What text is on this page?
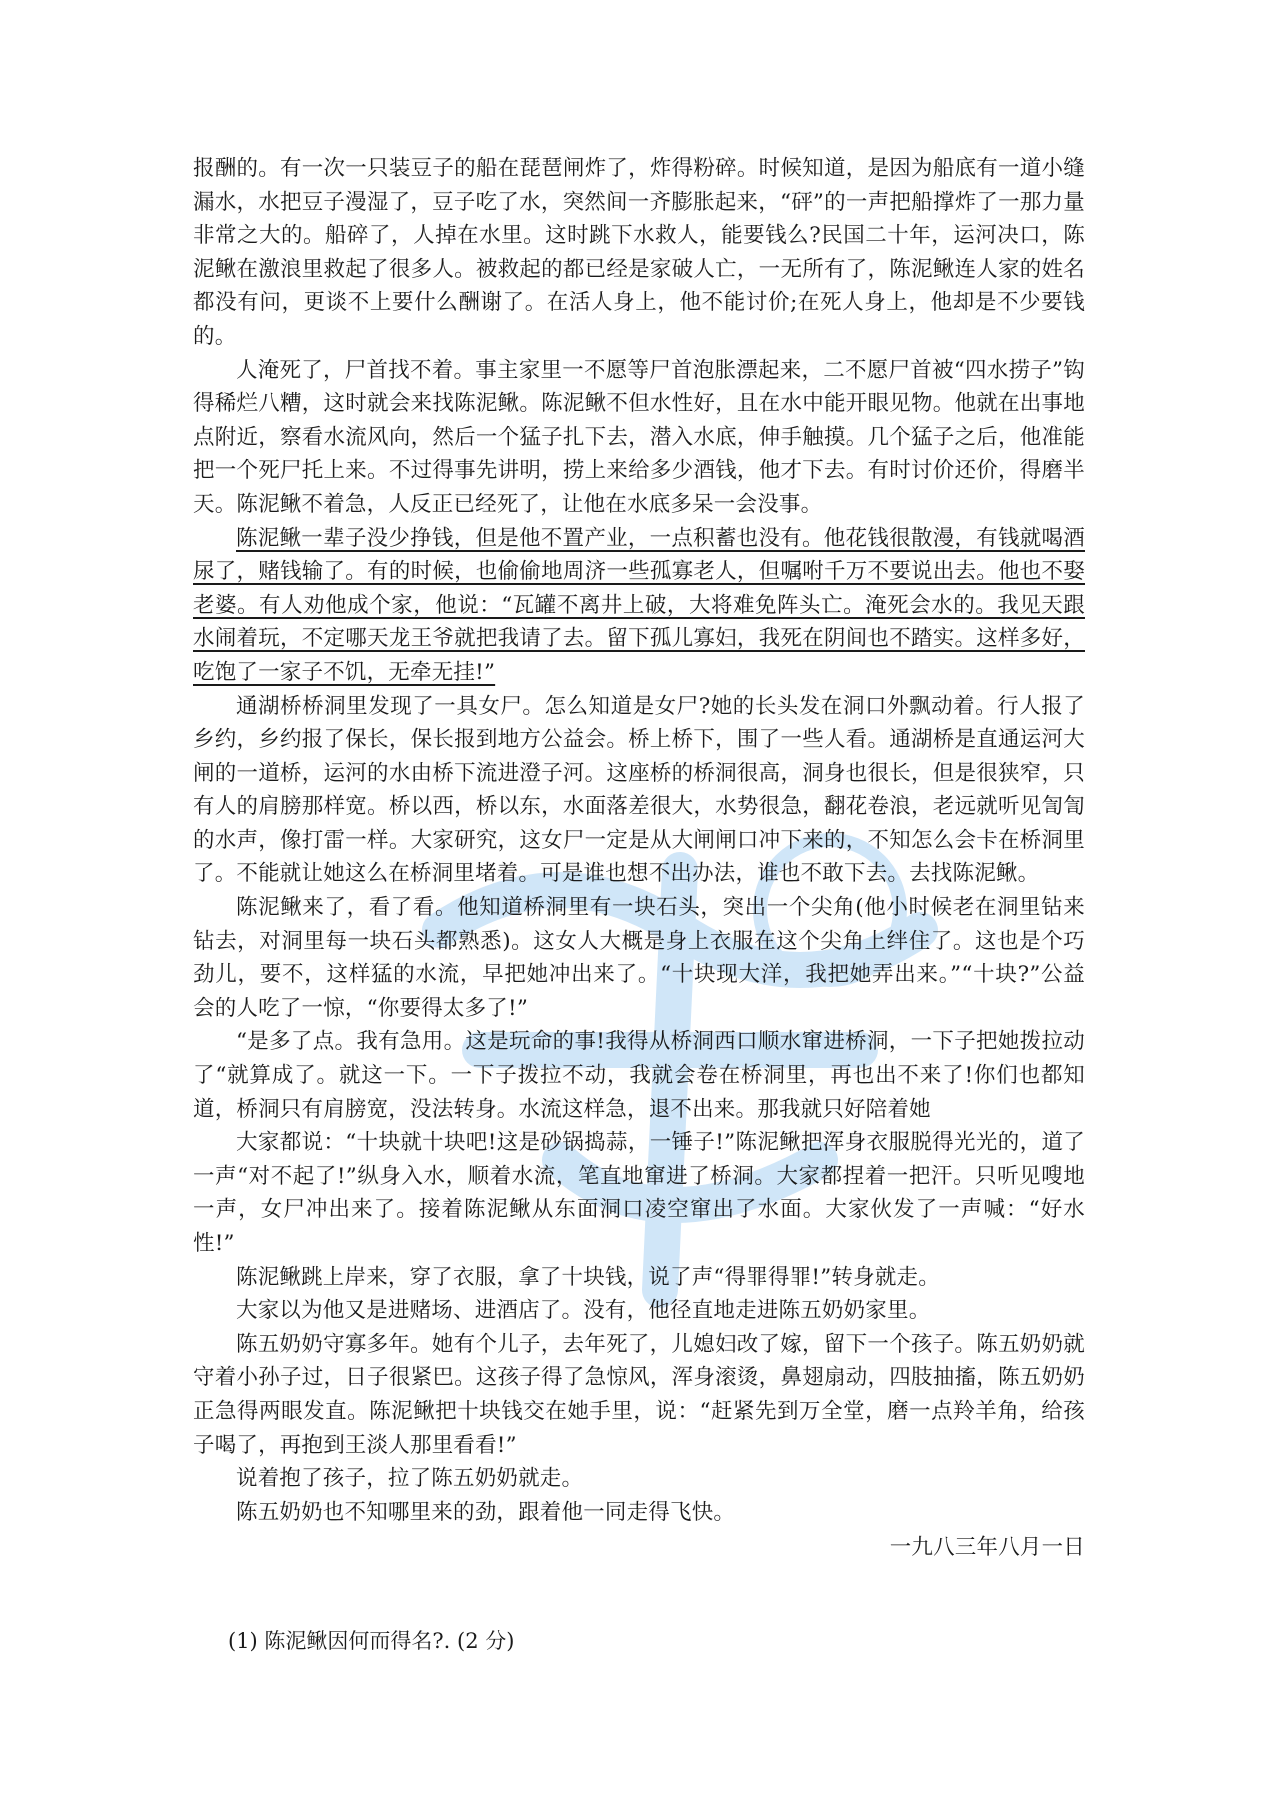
报酬的。有一次一只装豆子的船在琵琶闸炸了，炸得粉碎。时候知道，是因为船底有一道小缝漏水，水把豆子漫湿了，豆子吃了水，突然间一齐膨胀起来，“砰”的一声把船撑炸了一那力量非常之大的。船碎了，人掉在水里。这时跳下水救人，能要钱么?民国二十年，运河决口，陈泥鳅在激浪里救起了很多人。被救起的都已经是家破人亡，一无所有了，陈泥鳅连人家的姓名都没有问，更谈不上要什么酬谢了。在活人身上，他不能讨价;在死人身上，他却是不少要钱的。

人淹死了，尸首找不着。事主家里一不愿等尸首泡胀漂起来，二不愿尸首被“四水捞子”钩得稀烂八糟，这时就会来找陈泥鳅。陈泥鳅不但水性好，且在水中能开眼见物。他就在出事地点附近，察看水流风向，然后一个猛子扎下去，潜入水底，伸手触摸。几个猛子之后，他准能把一个死尸托上来。不过得事先讲明，捞上来给多少酒钱，他才下去。有时讨价还价，得磨半天。陈泥鳅不着急，人反正已经死了，让他在水底多呆一会没事。

陈泥鳅一辈子没少挣钱，但是他不置产业，一点积蓄也没有。他花钱很散漫，有钱就喝酒尿了，赌钱输了。有的时候，也偷偷地周济一些孤寡老人，但嘱咐千万不要说出去。他也不娶老婆。有人劝他成个家，他说：“瓦罐不离井上破，大将难免阵头亡。淹死会水的。我见天跟水闹着玩，不定哪天龙王爷就把我请了去。留下孤儿寡妇，我死在阴间也不踏实。这样多好，吃饱了一家子不饥，无牵无挂!”

通湖桥桥洞里发现了一具女尸。怎么知道是女尸?她的长头发在洞口外飘动着。行人报了乡约，乡约报了保长，保长报到地方公益会。桥上桥下，围了一些人看。通湖桥是直通运河大闸的一道桥，运河的水由桥下流进澄子河。这座桥的桥洞很高，洞身也很长，但是很狭窄，只有人的肩膀那样宽。桥以西，桥以东，水面落差很大，水势很急，翻花卷浪，老远就听见訇訇的水声，像打雷一样。大家研究，这女尸一定是从大闸闸口冲下来的，不知怎么会卡在桥洞里了。不能就让她这么在桥洞里堵着。可是谁也想不出办法，谁也不敢下去。去找陈泥鳅。

陈泥鳅来了，看了看。他知道桥洞里有一块石头，突出一个尖角(他小时候老在洞里钻来钻去，对洞里每一块石头都熟悉)。这女人大概是身上衣服在这个尖角上绊住了。这也是个巧劲儿，要不，这样猛的水流，早把她冲出来了。“十块现大洋，我把她弄出来。”“十块?”公益会的人吃了一惊，“你要得太多了!”

“是多了点。我有急用。这是玩命的事!我得从桥洞西口顺水窜进桥洞，一下子把她拨拉动了“就算成了。就这一下。一下子拨拉不动，我就会卷在桥洞里，再也出不来了!你们也都知道，桥洞只有肩膀宽，没法转身。水流这样急，退不出来。那我就只好陪着她

大家都说：“十块就十块吧!这是砂锅捣蒜，一锤子!”陈泥鳅把浑身衣服脱得光光的，道了一声“对不起了!”纵身入水，顺着水流，笔直地窜进了桥洞。大家都捏着一把汗。只听见嗖地一声，女尸冲出来了。接着陈泥鳅从东面洞口凌空窜出了水面。大家伙发了一声喊：“好水性!”

陈泥鳅跳上岸来，穿了衣服，拿了十块钱，说了声“得罪得罪!”转身就走。

大家以为他又是进赌场、进酒店了。没有，他径直地走进陈五奶奶家里。

陈五奶奶守寡多年。她有个儿子，去年死了，儿媳妇改了嫁，留下一个孩子。陈五奶奶就守着小孙子过，日子很紧巴。这孩子得了急惊风，浑身滚烫，鼻翅扇动，四肢抽搐，陈五奶奶正急得两眼发直。陈泥鳅把十块钱交在她手里，说：“赶紧先到万全堂，磨一点羚羊角，给孩子喝了，再抱到王淡人那里看看!”

说着抱了孩子，拉了陈五奶奶就走。

陈五奶奶也不知哪里来的劲，跟着他一同走得飞快。

一九八三年八月一日

(1) 陈泥鳅因何而得名?. (2 分)
